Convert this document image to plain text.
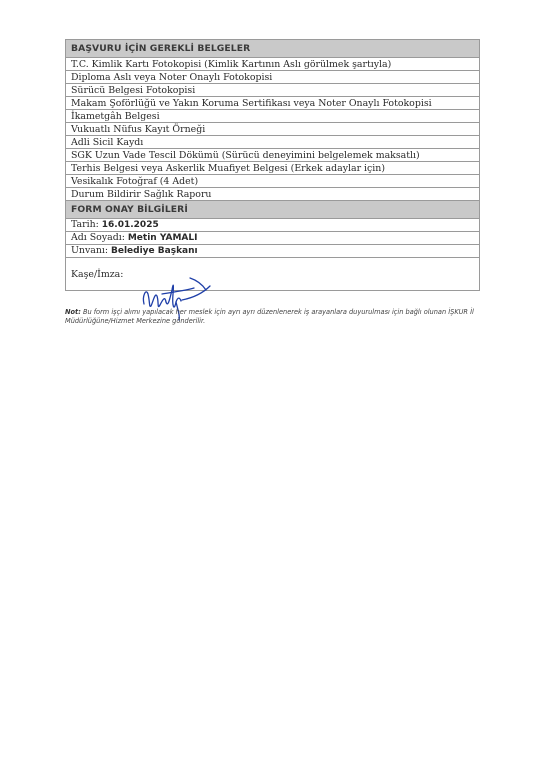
BAŞVURU İÇİN GEREKLİ BELGELER
T.C. Kimlik Kartı Fotokopisi (Kimlik Kartının Aslı görülmek şartıyla)
Diploma Aslı veya Noter Onaylı Fotokopisi
Sürücü Belgesi Fotokopisi
Makam Şoförlüğü ve Yakın Koruma Sertifikası veya Noter Onaylı Fotokopisi
İkametgâh Belgesi
Vukuatlı Nüfus Kayıt Örneği
Adli Sicil Kaydı
SGK Uzun Vade Tescil Dökümü (Sürücü deneyimini belgelemek maksatlı)
Terhis Belgesi veya Askerlik Muafiyet Belgesi (Erkek adaylar için)
Vesikalık Fotoğraf (4 Adet)
Durum Bildirir Sağlık Raporu
FORM ONAY BİLGİLERİ
Tarih: 16.01.2025
Adı Soyadı: Metin YAMALI
Unvanı: Belediye Başkanı
Kaşe/İmza:
Not: Bu form işçi alımı yapılacak her meslek için ayrı ayrı düzenlenerek iş arayanlara duyurulması için bağlı olunan İŞKUR İl Müdürlüğüne/Hizmet Merkezine gönderilir.
